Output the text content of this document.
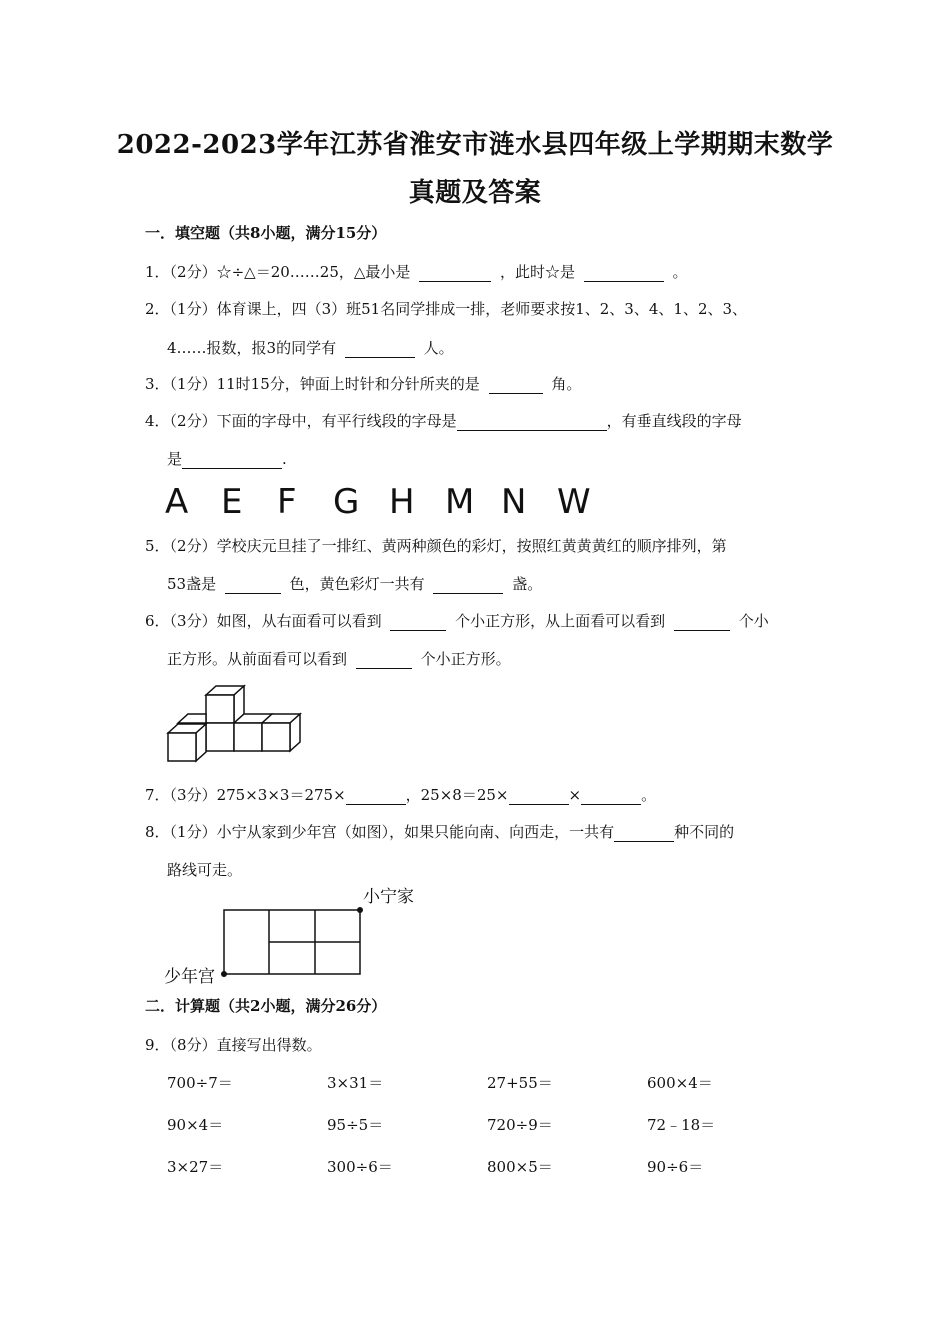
2022-2023学年江苏省淮安市涟水县四年级上学期期末数学
真题及答案
一．填空题（共8小题，满分15分）
1．（2分）☆÷△＝20……25，△最小是	，此时☆是	。
2．（1分）体育课上，四（3）班51名同学排成一排，老师要求按1、2、3、4、1、2、3、
4……报数，报3的同学有	人。
3．（1分）11时15分，钟面上时针和分针所夹的是	角。
4．（2分）下面的字母中，有平行线段的字母是	，有垂直线段的字母
是	.
A E F G H M N W
5．（2分）学校庆元旦挂了一排红、黄两种颜色的彩灯，按照红黄黄黄红的顺序排列，第
53盏是	色，黄色彩灯一共有	盏。
6．（3分）如图，从右面看可以看到	个小正方形，从上面看可以看到	个小
正方形。从前面看可以看到	个小正方形。
7．（3分）275×3×3＝275×	，25×8＝25×	×	。
8．（1分）小宁从家到少年宫（如图），如果只能向南、向西走，一共有	种不同的
路线可走。
小宁家
少年宫
二．计算题（共2小题，满分26分）
9．（8分）直接写出得数。
700÷7＝	3×31＝	27+55＝	600×4＝
90×4＝	95÷5＝	720÷9＝	72﹣18＝
3×27＝	300÷6＝	800×5＝	90÷6＝
